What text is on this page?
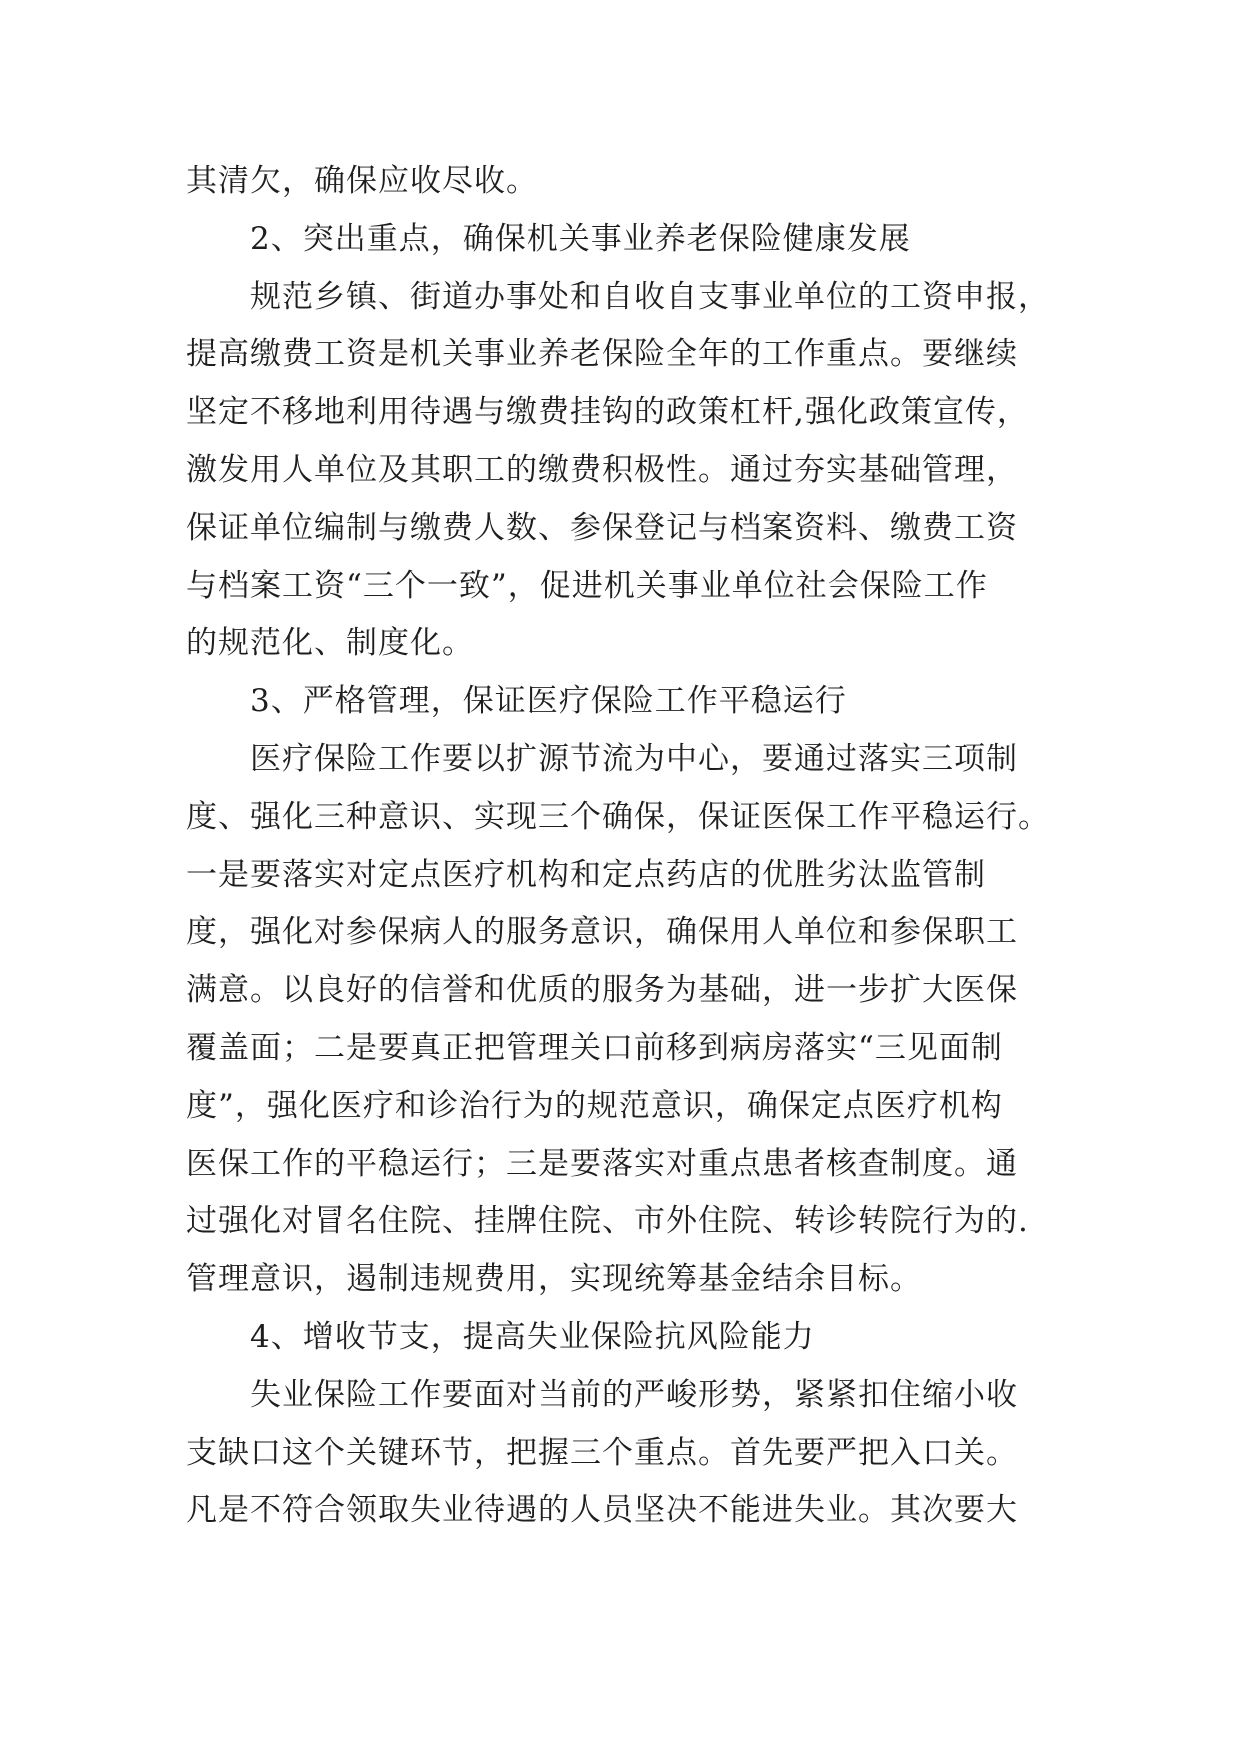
其清欠，确保应收尽收。
2、突出重点，确保机关事业养老保险健康发展
规范乡镇、街道办事处和自收自支事业单位的工资申报，
提高缴费工资是机关事业养老保险全年的工作重点。要继续
坚定不移地利用待遇与缴费挂钩的政策杠杆,强化政策宣传，
激发用人单位及其职工的缴费积极性。通过夯实基础管理，
保证单位编制与缴费人数、参保登记与档案资料、缴费工资
与档案工资“三个一致”，促进机关事业单位社会保险工作
的规范化、制度化。
3、严格管理，保证医疗保险工作平稳运行
医疗保险工作要以扩源节流为中心，要通过落实三项制
度、强化三种意识、实现三个确保，保证医保工作平稳运行。
一是要落实对定点医疗机构和定点药店的优胜劣汰监管制
度，强化对参保病人的服务意识，确保用人单位和参保职工
满意。以良好的信誉和优质的服务为基础，进一步扩大医保
覆盖面；二是要真正把管理关口前移到病房落实“三见面制
度”，强化医疗和诊治行为的规范意识，确保定点医疗机构
医保工作的平稳运行；三是要落实对重点患者核查制度。通
过强化对冒名住院、挂牌住院、市外住院、转诊转院行为的.
管理意识，遏制违规费用，实现统筹基金结余目标。
4、增收节支，提高失业保险抗风险能力
失业保险工作要面对当前的严峻形势，紧紧扣住缩小收
支缺口这个关键环节，把握三个重点。首先要严把入口关。
凡是不符合领取失业待遇的人员坚决不能进失业。其次要大
